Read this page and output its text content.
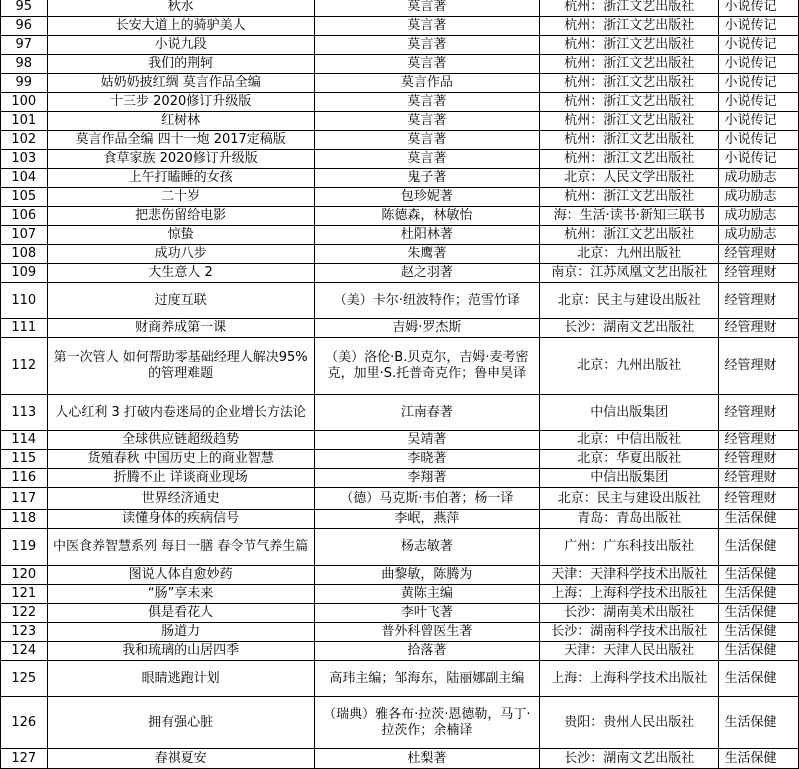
95	秋水	莫言著	杭州：浙江文艺出版社	小说传记
96	长安大道上的骑驴美人	莫言著	杭州：浙江文艺出版社	小说传记
97	小说九段	莫言著	杭州：浙江文艺出版社	小说传记
98	我们的荆轲	莫言著	杭州：浙江文艺出版社	小说传记
99	姑奶奶披红绸 莫言作品全编	莫言作品	杭州：浙江文艺出版社	小说传记
100	十三步 2020修订升级版	莫言著	杭州：浙江文艺出版社	小说传记
101	红树林	莫言著	杭州：浙江文艺出版社	小说传记
102	莫言作品全编 四十一炮 2017定稿版	莫言著	杭州：浙江文艺出版社	小说传记
103	食草家族 2020修订升级版	莫言著	杭州：浙江文艺出版社	小说传记
104	上午打瞌睡的女孩	鬼子著	北京：人民文学出版社	成功励志
105	二十岁	包珍妮著	杭州：浙江文艺出版社	成功励志
106	把悲伤留给电影	陈德森，林敏怡	海：生活·读书·新知三联书	成功励志
107	惊蛰	杜阳林著	杭州：浙江文艺出版社	成功励志
108	成功八步	朱鹰著	北京：九州出版社	经管理财
109	大生意人 2	赵之羽著	南京：江苏凤凰文艺出版社	经管理财
110	过度互联	（美）卡尔·纽波特作；范雪竹译	北京：民主与建设出版社	经管理财
111	财商养成第一课	吉姆·罗杰斯	长沙：湖南文艺出版社	经管理财
112	第一次管人 如何帮助零基础经理人解决95%的管理难题	（美）洛伦·B.贝克尔，吉姆·麦考密克，加里·S.托普奇克作；鲁申昊译	北京：九州出版社	经管理财
113	人心红利 3 打破内卷迷局的企业增长方法论	江南春著	中信出版集团	经管理财
114	全球供应链超级趋势	吴靖著	北京：中信出版社	经管理财
115	货殖春秋 中国历史上的商业智慧	李晓著	北京：华夏出版社	经管理财
116	折腾不止 详谈商业现场	李翔著	中信出版集团	经管理财
117	世界经济通史	（德）马克斯·韦伯著；杨一译	北京：民主与建设出版社	经管理财
118	读懂身体的疾病信号	李岷，燕萍	青岛：青岛出版社	生活保健
119	中医食养智慧系列 每日一膳 春令节气养生篇	杨志敏著	广州：广东科技出版社	生活保健
120	图说人体自愈妙药	曲黎敏，陈腾为	天津：天津科学技术出版社	生活保健
121	“肠”享未来	黄陈主编	上海：上海科学技术出版社	生活保健
122	俱是看花人	李叶飞著	长沙：湖南美术出版社	生活保健
123	肠道力	普外科曾医生著	长沙：湖南科学技术出版社	生活保健
124	我和琉璃的山居四季	拾落著	天津：天津人民出版社	生活保健
125	眼睛逃跑计划	高玮主编；邹海东，陆丽娜副主编	上海：上海科学技术出版社	生活保健
126	拥有强心脏	（瑞典）雅各布·拉茨·恩德勒，马丁·拉茨作；余楠译	贵阳：贵州人民出版社	生活保健
127	春祺夏安	杜梨著	长沙：湖南文艺出版社	生活保健
